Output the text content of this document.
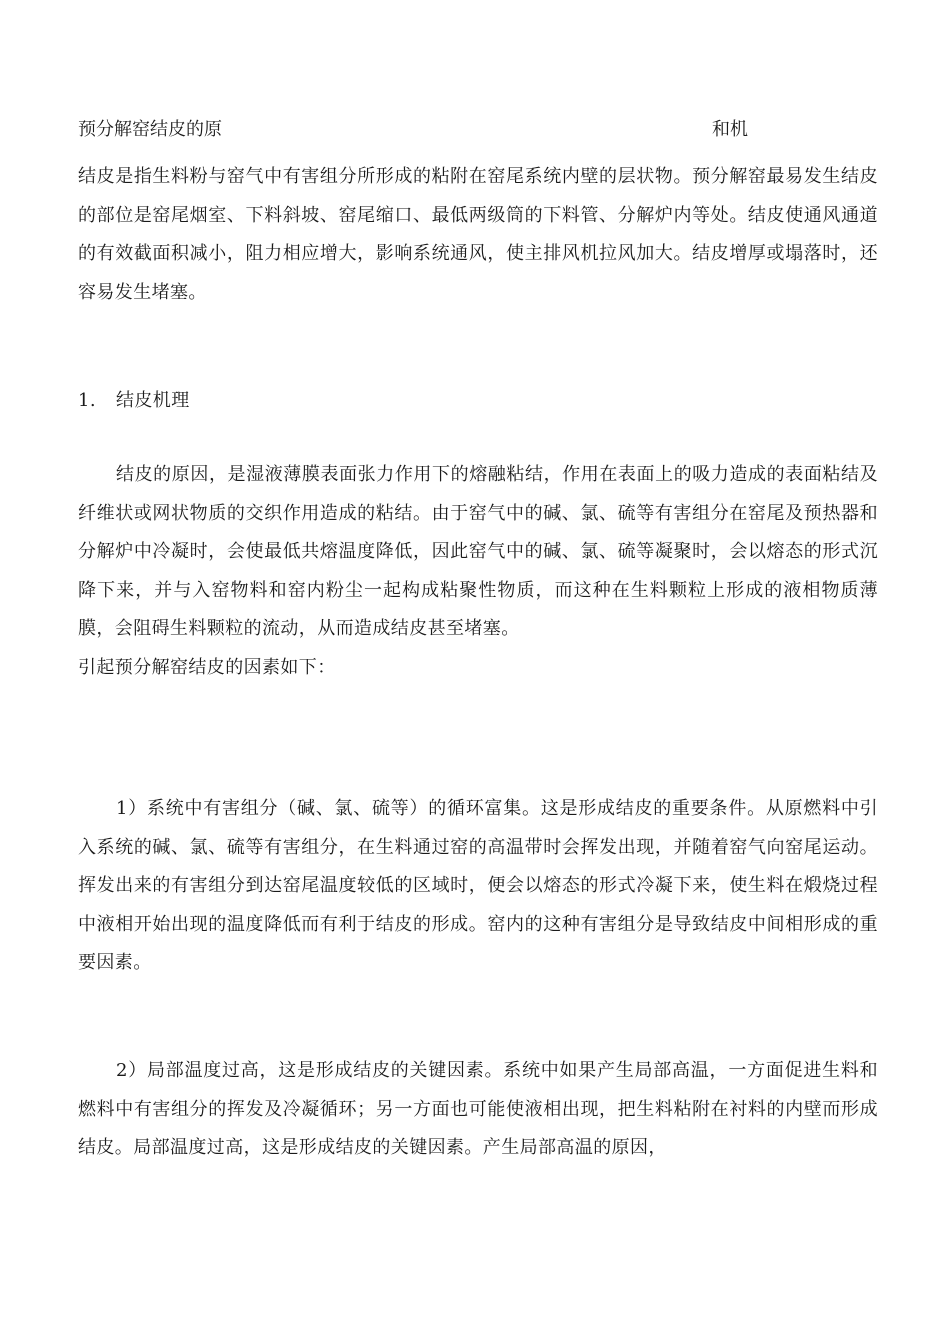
预分解窑结皮的原	和机

结皮是指生料粉与窑气中有害组分所形成的粘附在窑尾系统内壁的层状物。预分解窑最易发生结皮的部位是窑尾烟室、下料斜坡、窑尾缩口、最低两级筒的下料管、分解炉内等处。结皮使通风通道的有效截面积减小，阻力相应增大，影响系统通风，使主排风机拉风加大。结皮增厚或塌落时，还容易发生堵塞。

1. 结皮机理

结皮的原因，是湿液薄膜表面张力作用下的熔融粘结，作用在表面上的吸力造成的表面粘结及纤维状或网状物质的交织作用造成的粘结。由于窑气中的碱、氯、硫等有害组分在窑尾及预热器和分解炉中冷凝时，会使最低共熔温度降低，因此窑气中的碱、氯、硫等凝聚时，会以熔态的形式沉降下来，并与入窑物料和窑内粉尘一起构成粘聚性物质，而这种在生料颗粒上形成的液相物质薄膜，会阻碍生料颗粒的流动，从而造成结皮甚至堵塞。
引起预分解窑结皮的因素如下：

1）系统中有害组分（碱、氯、硫等）的循环富集。这是形成结皮的重要条件。从原燃料中引入系统的碱、氯、硫等有害组分，在生料通过窑的高温带时会挥发出现，并随着窑气向窑尾运动。挥发出来的有害组分到达窑尾温度较低的区域时，便会以熔态的形式冷凝下来，使生料在煅烧过程中液相开始出现的温度降低而有利于结皮的形成。窑内的这种有害组分是导致结皮中间相形成的重要因素。

2）局部温度过高，这是形成结皮的关键因素。系统中如果产生局部高温，一方面促进生料和燃料中有害组分的挥发及冷凝循环；另一方面也可能使液相出现，把生料粘附在衬料的内壁而形成结皮。局部温度过高，这是形成结皮的关键因素。产生局部高温的原因，
